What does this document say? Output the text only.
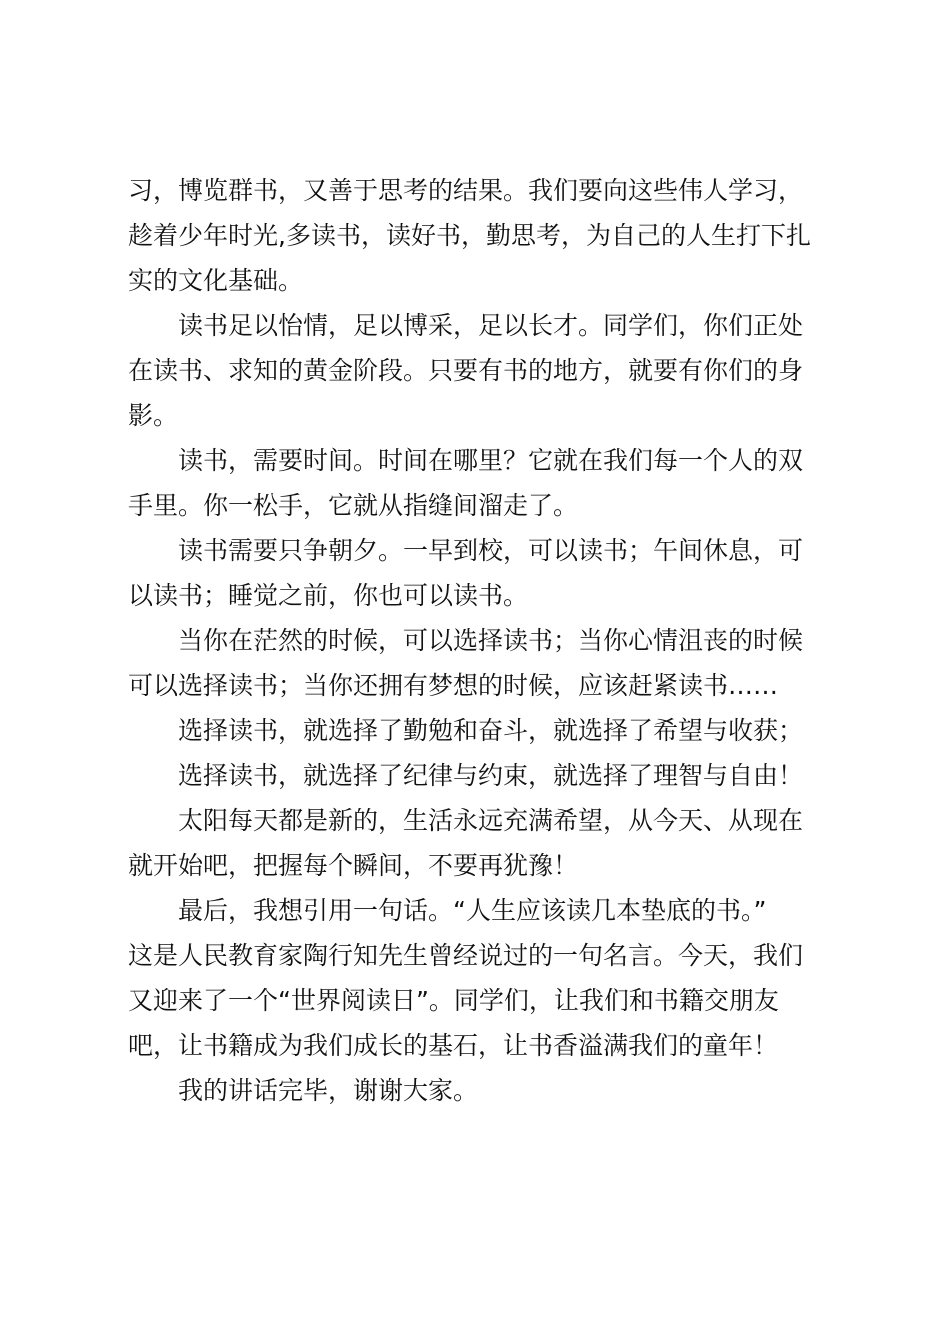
习，博览群书，又善于思考的结果。我们要向这些伟人学习，
趁着少年时光,多读书，读好书，勤思考，为自己的人生打下扎
实的文化基础。
读书足以怡情，足以博采，足以长才。同学们，你们正处
在读书、求知的黄金阶段。只要有书的地方，就要有你们的身
影。
读书，需要时间。时间在哪里？它就在我们每一个人的双
手里。你一松手，它就从指缝间溜走了。
读书需要只争朝夕。一早到校，可以读书；午间休息，可
以读书；睡觉之前，你也可以读书。
当你在茫然的时候，可以选择读书；当你心情沮丧的时候
可以选择读书；当你还拥有梦想的时候，应该赶紧读书……
选择读书，就选择了勤勉和奋斗，就选择了希望与收获；
选择读书，就选择了纪律与约束，就选择了理智与自由！
太阳每天都是新的，生活永远充满希望，从今天、从现在
就开始吧，把握每个瞬间，不要再犹豫！
最后，我想引用一句话。“人生应该读几本垫底的书。”
这是人民教育家陶行知先生曾经说过的一句名言。今天，我们
又迎来了一个“世界阅读日”。同学们，让我们和书籍交朋友
吧，让书籍成为我们成长的基石，让书香溢满我们的童年！
我的讲话完毕，谢谢大家。
